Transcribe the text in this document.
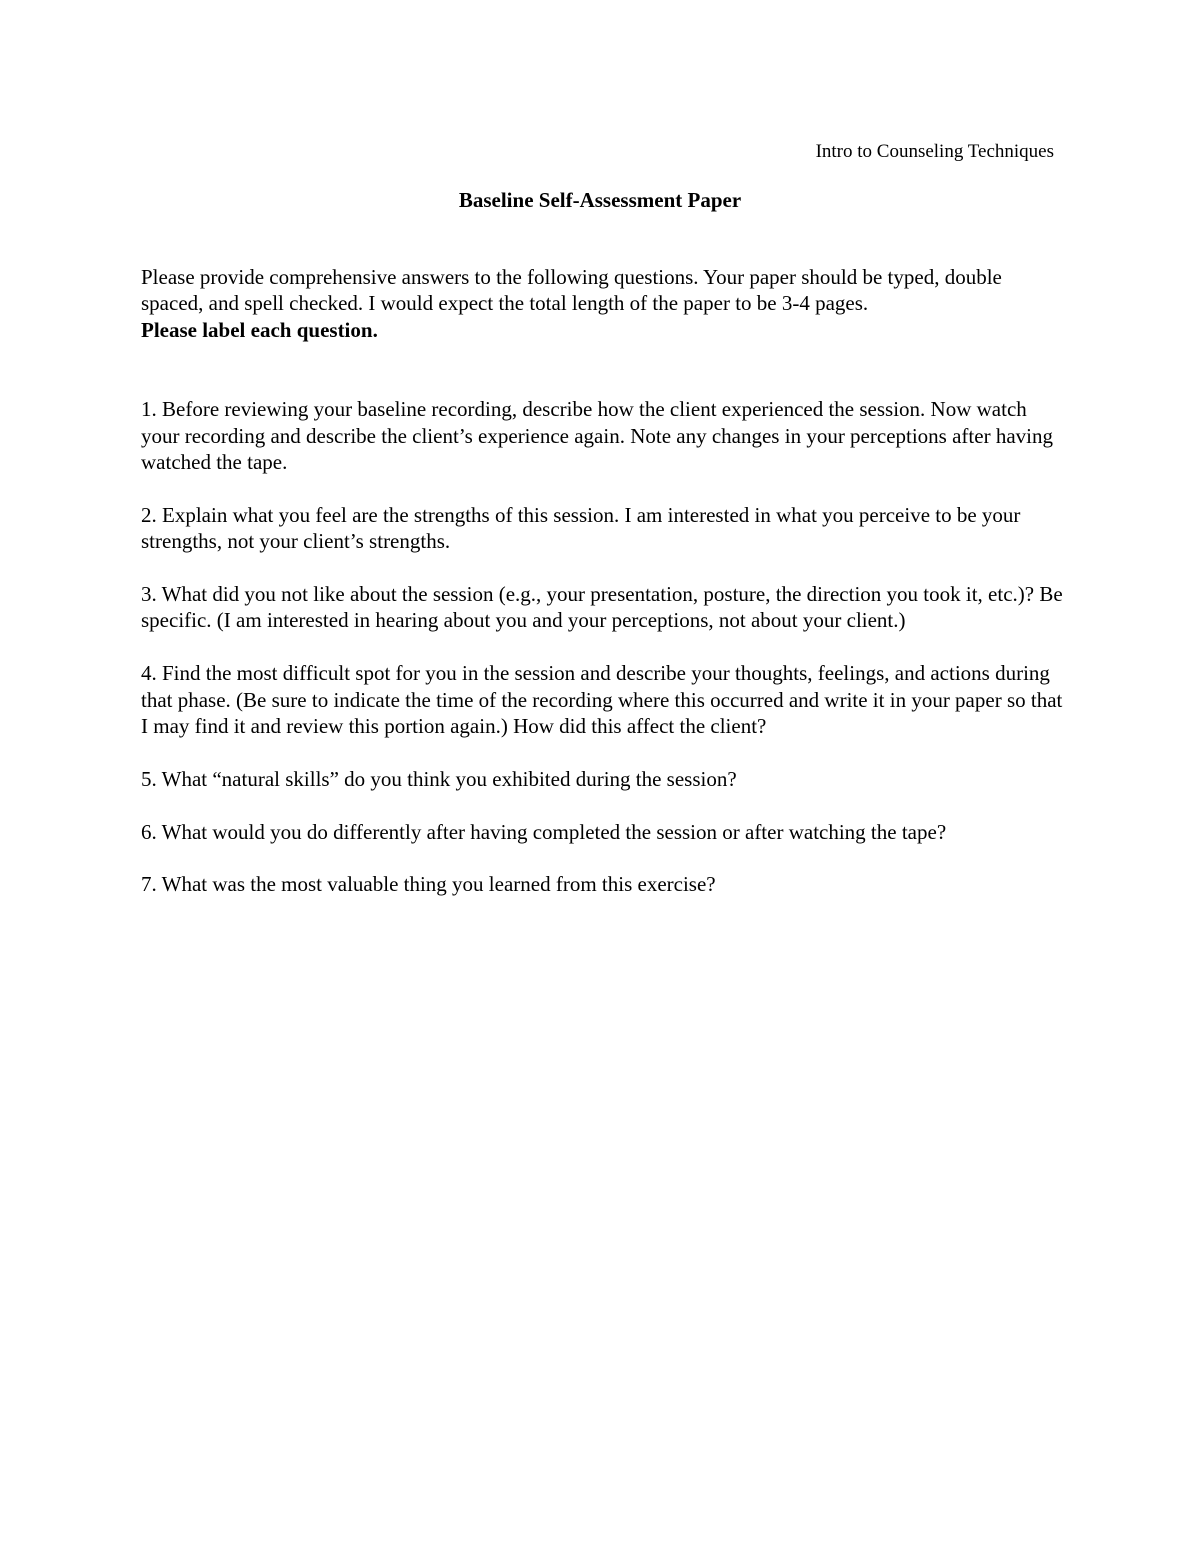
Intro to Counseling Techniques
Baseline Self-Assessment Paper

Please provide comprehensive answers to the following questions. Your paper should be typed, double spaced, and spell checked. I would expect the total length of the paper to be 3-4 pages.
Please label each question.

1. Before reviewing your baseline recording, describe how the client experienced the session. Now watch your recording and describe the client’s experience again. Note any changes in your perceptions after having watched the tape.

2. Explain what you feel are the strengths of this session. I am interested in what you perceive to be your strengths, not your client’s strengths.

3. What did you not like about the session (e.g., your presentation, posture, the direction you took it, etc.)? Be specific. (I am interested in hearing about you and your perceptions, not about your client.)

4. Find the most difficult spot for you in the session and describe your thoughts, feelings, and actions during that phase. (Be sure to indicate the time of the recording where this occurred and write it in your paper so that I may find it and review this portion again.) How did this affect the client?

5. What “natural skills” do you think you exhibited during the session?

6. What would you do differently after having completed the session or after watching the tape?

7. What was the most valuable thing you learned from this exercise?
